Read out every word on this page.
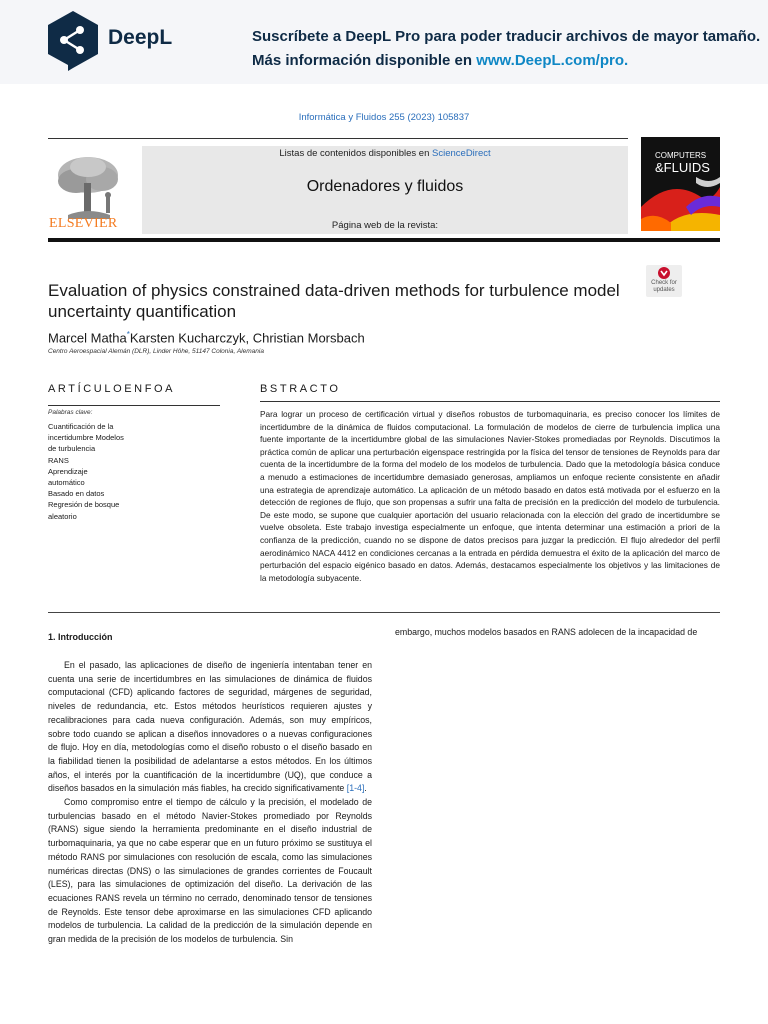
DeepL	Suscríbete a DeepL Pro para poder traducir archivos de mayor tamaño.
Más información disponible en www.DeepL.com/pro.
Informática y Fluidos 255 (2023) 105837
ELSEVIER
Listas de contenidos disponibles en ScienceDirect
Ordenadores y fluidos
Página web de la revista:
COMPUTERS
&FLUIDS
Evaluation of physics constrained data-driven methods for turbulence model uncertainty quantification
Check for updates
Marcel Matha*Karsten Kucharczyk, Christian Morsbach
Centro Aeroespacial Alemán (DLR), Linder Höhe, 51147 Colonia, Alemania
ARTÍCULOENFOA	BSTRACTO
Palabras clave:
Cuantificación de la
incertidumbre Modelos
de turbulencia
RANS
Aprendizaje
automático
Basado en datos
Regresión de bosque
aleatorio
Para lograr un proceso de certificación virtual y diseños robustos de turbomaquinaria, es preciso conocer los límites de incertidumbre de la dinámica de fluidos computacional. La formulación de modelos de cierre de turbulencia implica una fuente importante de la incertidumbre global de las simulaciones Navier-Stokes promediadas por Reynolds. Discutimos la práctica común de aplicar una perturbación eigenspace restringida por la física del tensor de tensiones de Reynolds para dar cuenta de la incertidumbre de la forma del modelo de los modelos de turbulencia. Dado que la metodología básica conduce a menudo a estimaciones de incertidumbre demasiado generosas, ampliamos un enfoque reciente consistente en añadir una estrategia de aprendizaje automático. La aplicación de un método basado en datos está motivada por el esfuerzo en la detección de regiones de flujo, que son propensas a sufrir una falta de precisión en la predicción del modelo de turbulencia. De este modo, se supone que cualquier aportación del usuario relacionada con la elección del grado de incertidumbre se vuelve obsoleta. Este trabajo investiga especialmente un enfoque, que intenta determinar una estimación a priori de la confianza de la predicción, cuando no se dispone de datos precisos para juzgar la predicción. El flujo alrededor del perfil aerodinámico NACA 4412 en condiciones cercanas a la entrada en pérdida demuestra el éxito de la aplicación del marco de perturbación del espacio eigénico basado en datos. Además, destacamos especialmente los objetivos y las limitaciones de la metodología subyacente.
1. Introducción

En el pasado, las aplicaciones de diseño de ingeniería intentaban tener en cuenta una serie de incertidumbres en las simulaciones de dinámica de fluidos computacional (CFD) aplicando factores de seguridad, márgenes de seguridad, niveles de redundancia, etc. Estos métodos heurísticos requieren ajustes y recalibraciones para cada nueva configuración. Además, son muy empíricos, sobre todo cuando se aplican a diseños innovadores o a nuevas configuraciones de flujo. Hoy en día, metodologías como el diseño robusto o el diseño basado en la fiabilidad tienen la posibilidad de adelantarse a estos métodos. En los últimos años, el interés por la cuantificación de la incertidumbre (UQ), que conduce a diseños basados en la simulación más fiables, ha crecido significativamente [1-4].

Como compromiso entre el tiempo de cálculo y la precisión, el modelado de turbulencias basado en el método Navier-Stokes promediado por Reynolds (RANS) sigue siendo la herramienta predominante en el diseño industrial de turbomaquinaria, ya que no cabe esperar que en un futuro próximo se sustituya el método RANS por simulaciones con resolución de escala, como las simulaciones numéricas directas (DNS) o las simulaciones de grandes corrientes de Foucault (LES), para las simulaciones de optimización del diseño. La derivación de las ecuaciones RANS revela un término no cerrado, denominado tensor de tensiones de Reynolds. Este tensor debe aproximarse en las simulaciones CFD aplicando modelos de turbulencia. La calidad de la predicción de la simulación depende en gran medida de la precisión de los modelos de turbulencia. Sin

embargo, muchos modelos basados en RANS adolecen de la incapacidad de
